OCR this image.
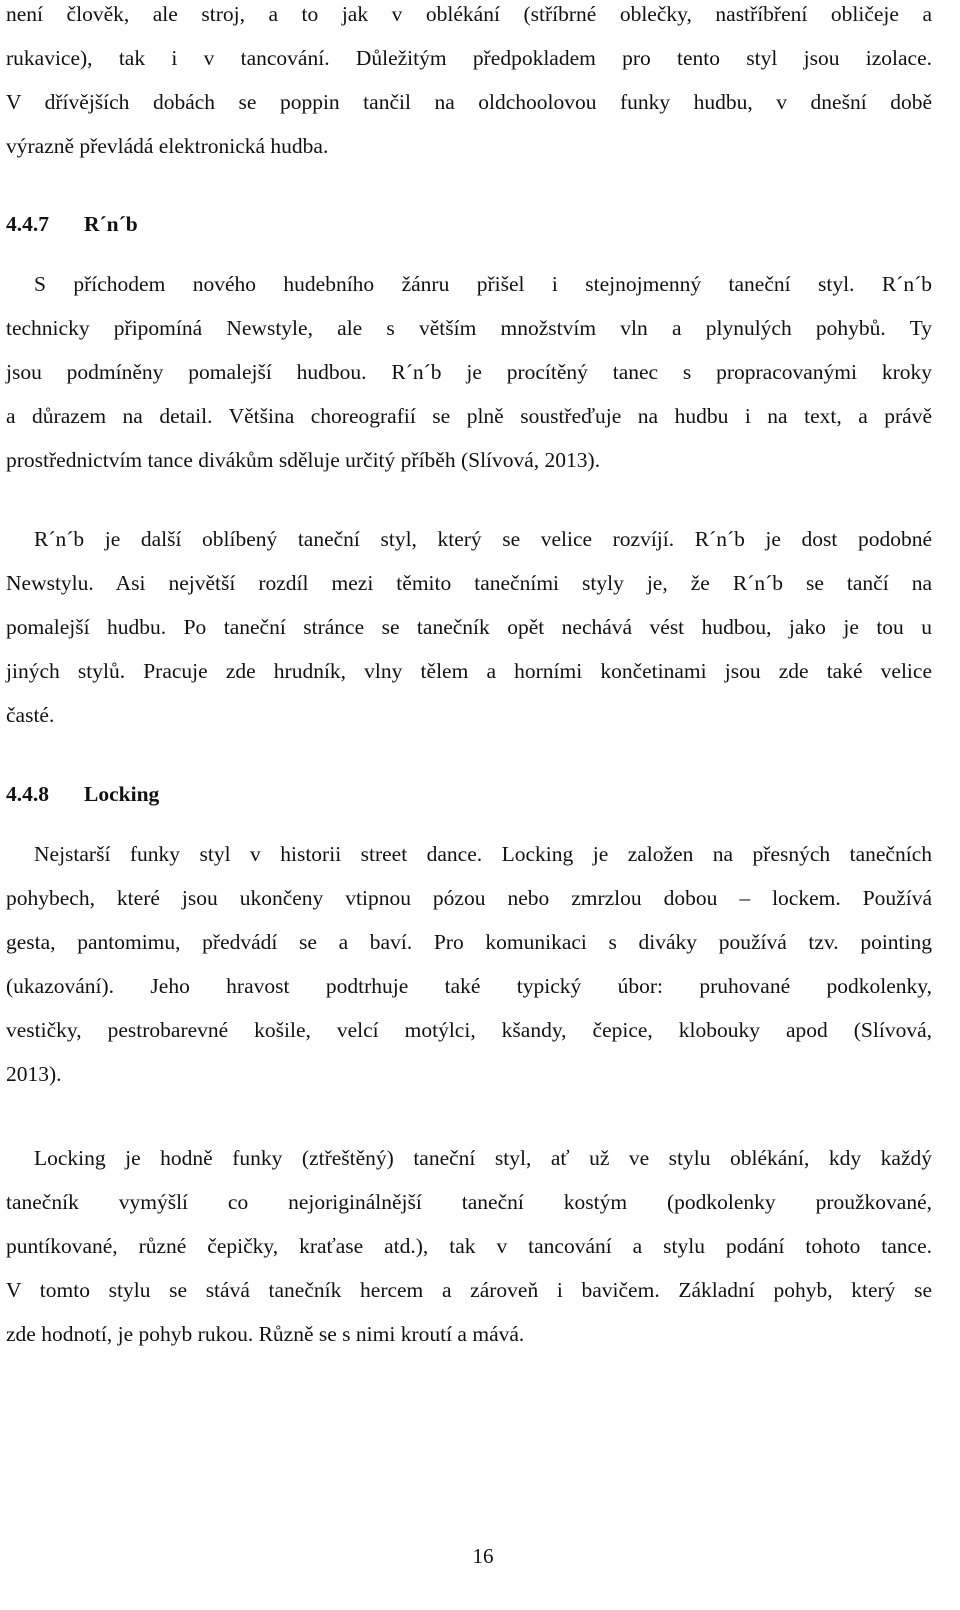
není člověk, ale stroj, a to jak v oblékání (stříbrné oblečky, nastříbření obličeje a
rukavice), tak i v tancování. Důležitým předpokladem pro tento styl jsou izolace.
V dřívějších dobách se poppin tančil na oldchoolovou funky hudbu, v dnešní době
výrazně převládá elektronická hudba.
4.4.7 R´n´b
S příchodem nového hudebního žánru přišel i stejnojmenný taneční styl. R´n´b
technicky připomíná Newstyle, ale s větším množstvím vln a plynulých pohybů. Ty
jsou podmíněny pomalejší hudbou. R´n´b je procítěný tanec s propracovanými kroky
a důrazem na detail. Většina choreografií se plně soustřeďuje na hudbu i na text, a právě
prostřednictvím tance divákům sděluje určitý příběh (Slívová, 2013).
R´n´b je další oblíbený taneční styl, který se velice rozvíjí. R´n´b je dost podobné
Newstylu. Asi největší rozdíl mezi těmito tanečními styly je, že R´n´b se tančí na
pomalejší hudbu. Po taneční stránce se tanečník opět nechává vést hudbou, jako je tou u
jiných stylů. Pracuje zde hrudník, vlny tělem a horními končetinami jsou zde také velice
časté.
4.4.8 Locking
Nejstarší funky styl v historii street dance. Locking je založen na přesných tanečních
pohybech, které jsou ukončeny vtipnou pózou nebo zmrzlou dobou – lockem. Používá
gesta, pantomimu, předvádí se a baví. Pro komunikaci s diváky používá tzv. pointing
(ukazování). Jeho hravost podtrhuje také typický úbor: pruhované podkolenky,
vestičky, pestrobarevné košile, velcí motýlci, kšandy, čepice, klobouky apod (Slívová,
2013).
Locking je hodně funky (ztřeštěný) taneční styl, ať už ve stylu oblékání, kdy každý
tanečník vymýšlí co nejoriginálnější taneční kostým (podkolenky proužkované,
puntíkované, různé čepičky, kraťase atd.), tak v tancování a stylu podání tohoto tance.
V tomto stylu se stává tanečník hercem a zároveň i bavičem. Základní pohyb, který se
zde hodnotí, je pohyb rukou. Různě se s nimi kroutí a mává.
16
